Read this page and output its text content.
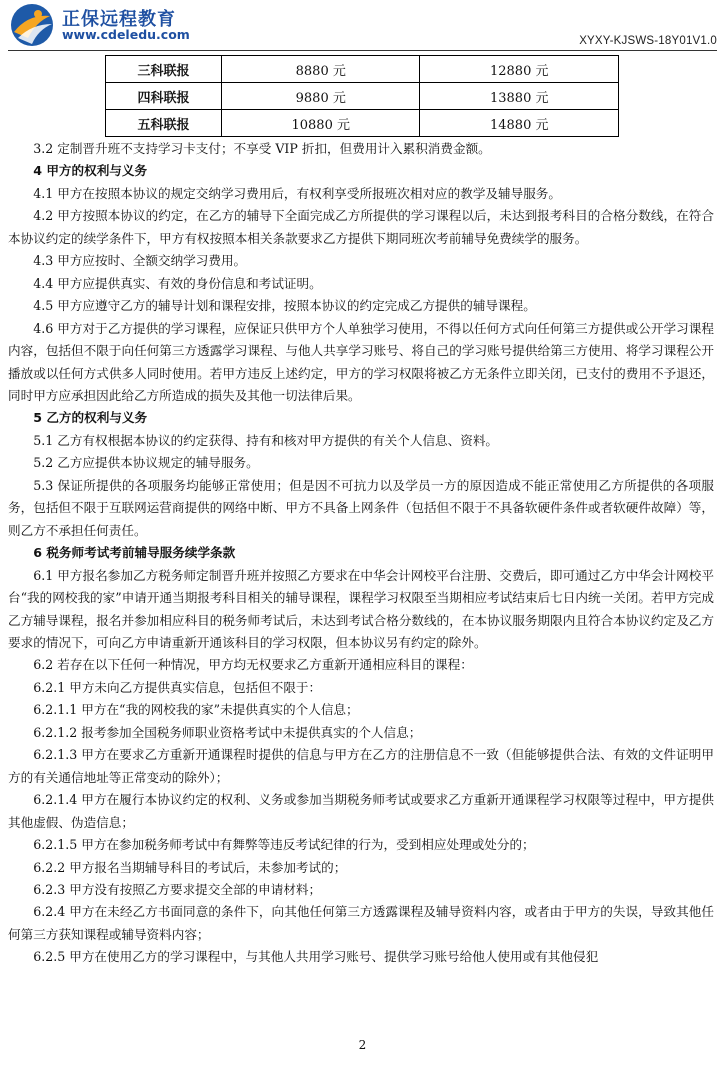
正保远程教育
www.cdeledu.com	XYXY-KJSWS-18Y01V1.0
三科联报	8880 元	12880 元
四科联报	9880 元	13880 元
五科联报	10880 元	14880 元

3.2 定制晋升班不支持学习卡支付；不享受 VIP 折扣，但费用计入累积消费金额。

4 甲方的权利与义务

4.1 甲方在按照本协议的规定交纳学习费用后，有权利享受所报班次相对应的教学及辅导服务。

4.2 甲方按照本协议的约定，在乙方的辅导下全面完成乙方所提供的学习课程以后，未达到报考科目的合格分数线，在符合本协议约定的续学条件下，甲方有权按照本相关条款要求乙方提供下期同班次考前辅导免费续学的服务。

4.3 甲方应按时、全额交纳学习费用。

4.4 甲方应提供真实、有效的身份信息和考试证明。

4.5 甲方应遵守乙方的辅导计划和课程安排，按照本协议的约定完成乙方提供的辅导课程。

4.6 甲方对于乙方提供的学习课程，应保证只供甲方个人单独学习使用，不得以任何方式向任何第三方提供或公开学习课程内容，包括但不限于向任何第三方透露学习课程、与他人共享学习账号、将自己的学习账号提供给第三方使用、将学习课程公开播放或以任何方式供多人同时使用。若甲方违反上述约定，甲方的学习权限将被乙方无条件立即关闭，已支付的费用不予退还，同时甲方应承担因此给乙方所造成的损失及其他一切法律后果。

5 乙方的权利与义务

5.1 乙方有权根据本协议的约定获得、持有和核对甲方提供的有关个人信息、资料。

5.2 乙方应提供本协议规定的辅导服务。

5.3 保证所提供的各项服务均能够正常使用；但是因不可抗力以及学员一方的原因造成不能正常使用乙方所提供的各项服务，包括但不限于互联网运营商提供的网络中断、甲方不具备上网条件（包括但不限于不具备软硬件条件或者软硬件故障）等，则乙方不承担任何责任。

6 税务师考试考前辅导服务续学条款

6.1 甲方报名参加乙方税务师定制晋升班并按照乙方要求在中华会计网校平台注册、交费后，即可通过乙方中华会计网校平台“我的网校我的家”申请开通当期报考科目相关的辅导课程，课程学习权限至当期相应考试结束后七日内统一关闭。若甲方完成乙方辅导课程，报名并参加相应科目的税务师考试后，未达到考试合格分数线的，在本协议服务期限内且符合本协议约定及乙方要求的情况下，可向乙方申请重新开通该科目的学习权限，但本协议另有约定的除外。

6.2 若存在以下任何一种情况，甲方均无权要求乙方重新开通相应科目的课程：

6.2.1 甲方未向乙方提供真实信息，包括但不限于：

6.2.1.1 甲方在“我的网校我的家”未提供真实的个人信息；

6.2.1.2 报考参加全国税务师职业资格考试中未提供真实的个人信息；

6.2.1.3 甲方在要求乙方重新开通课程时提供的信息与甲方在乙方的注册信息不一致（但能够提供合法、有效的文件证明甲方的有关通信地址等正常变动的除外）；

6.2.1.4 甲方在履行本协议约定的权利、义务或参加当期税务师考试或要求乙方重新开通课程学习权限等过程中，甲方提供其他虚假、伪造信息；

6.2.1.5 甲方在参加税务师考试中有舞弊等违反考试纪律的行为，受到相应处理或处分的；

6.2.2 甲方报名当期辅导科目的考试后，未参加考试的；

6.2.3 甲方没有按照乙方要求提交全部的申请材料；

6.2.4 甲方在未经乙方书面同意的条件下，向其他任何第三方透露课程及辅导资料内容，或者由于甲方的失误，导致其他任何第三方获知课程或辅导资料内容；

6.2.5 甲方在使用乙方的学习课程中，与其他人共用学习账号、提供学习账号给他人使用或有其他侵犯

2
